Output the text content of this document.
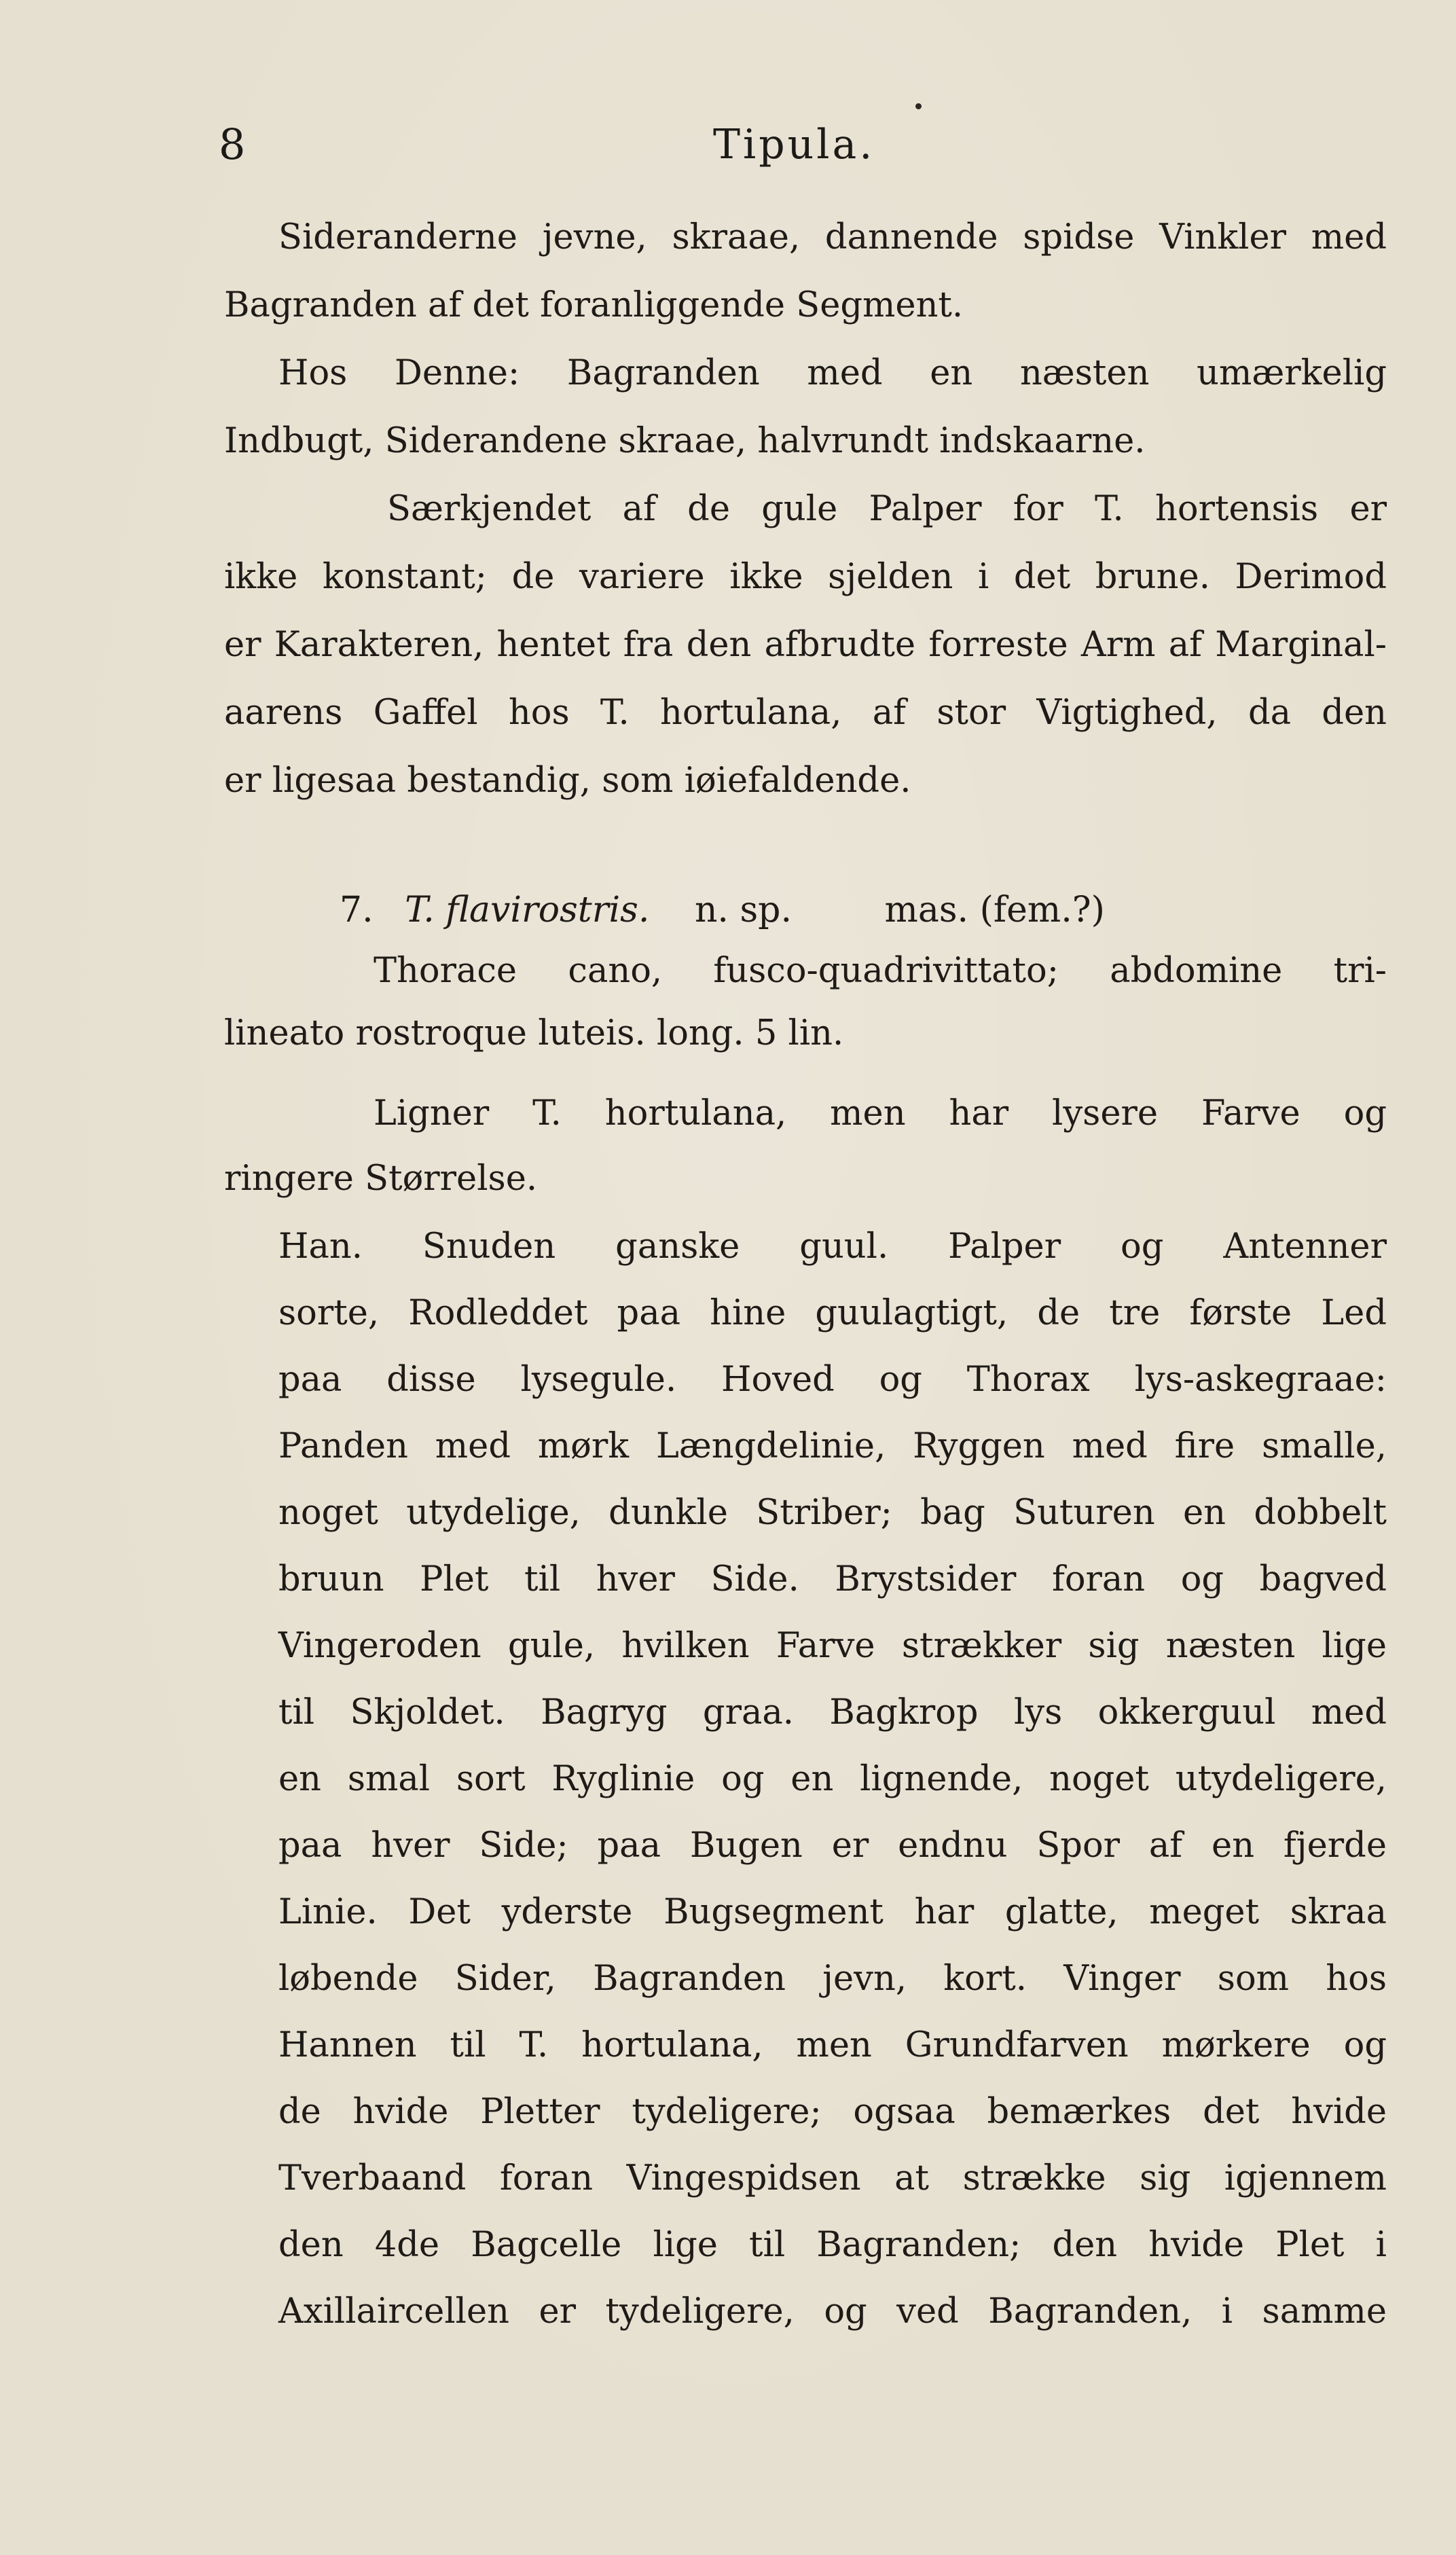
8	Tipula.
Sideranderne jevne, skraae, dannende spidse Vinkler med
Bagranden af det foranliggende Segment.
Hos Denne: Bagranden med en næsten umærkelig
Indbugt, Siderandene skraae, halvrundt indskaarne.
Særkjendet af de gule Palper for T. hortensis er
ikke konstant; de variere ikke sjelden i det brune. Derimod
er Karakteren, hentet fra den afbrudte forreste Arm af Marginal-
aarens Gaffel hos T. hortulana, af stor Vigtighed, da den
er ligesaa bestandig, som iøiefaldende.
7. T. flavirostris. n. sp.	mas. (fem.?)
Thorace cano, fusco-quadrivittato; abdomine tri-
lineato rostroque luteis. long. 5 lin.
Ligner T. hortulana, men har lysere Farve og
ringere Størrelse.
Han. Snuden ganske guul. Palper og Antenner
sorte, Rodleddet paa hine guulagtigt, de tre første Led
paa disse lysegule. Hoved og Thorax lys-askegraae:
Panden med mørk Længdelinie, Ryggen med fire smalle,
noget utydelige, dunkle Striber; bag Suturen en dobbelt
bruun Plet til hver Side. Brystsider foran og bagved
Vingeroden gule, hvilken Farve strækker sig næsten lige
til Skjoldet. Bagryg graa. Bagkrop lys okkerguul med
en smal sort Ryglinie og en lignende, noget utydeligere,
paa hver Side; paa Bugen er endnu Spor af en fjerde
Linie. Det yderste Bugsegment har glatte, meget skraa
løbende Sider, Bagranden jevn, kort. Vinger som hos
Hannen til T. hortulana, men Grundfarven mørkere og
de hvide Pletter tydeligere; ogsaa bemærkes det hvide
Tverbaand foran Vingespidsen at strække sig igjennem
den 4de Bagcelle lige til Bagranden; den hvide Plet i
Axillaircellen er tydeligere, og ved Bagranden, i samme
